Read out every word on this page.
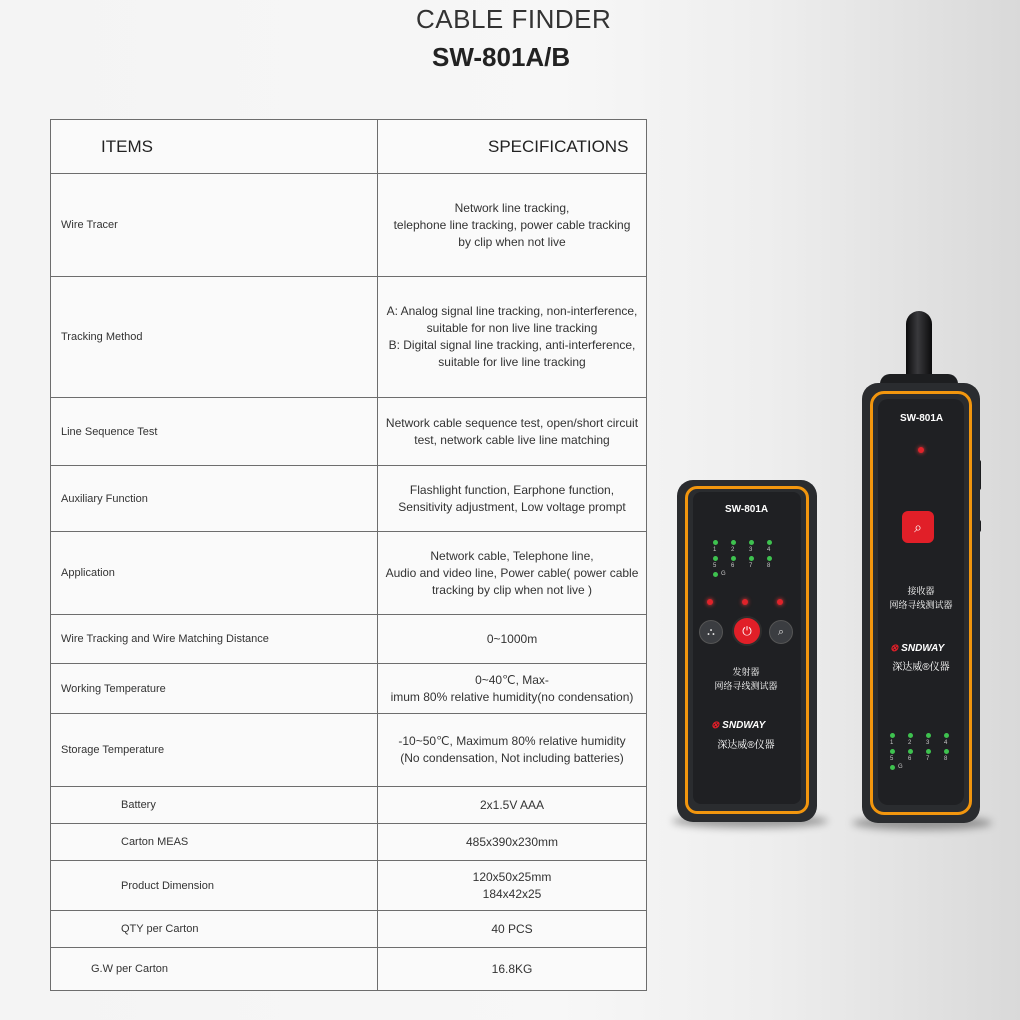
CABLE FINDER
SW-801A/B
ITEMS	SPECIFICATIONS
Wire Tracer	Network line tracking,
telephone line tracking, power cable tracking
by clip when not live
Tracking Method	A: Analog signal line tracking, non-interference,
suitable for non live line tracking
B: Digital signal line tracking, anti-interference,
suitable for live line tracking
Line Sequence Test	Network cable sequence test, open/short circuit
test, network cable live line matching
Auxiliary Function	Flashlight function, Earphone function,
Sensitivity adjustment, Low voltage prompt
Application	Network cable, Telephone line,
Audio and video line, Power cable( power cable
tracking by clip when not live )
Wire Tracking and Wire Matching Distance	0~1000m
Working Temperature	0~40℃, Max-
imum 80% relative humidity(no condensation)
Storage Temperature	-10~50℃, Maximum 80% relative humidity
(No condensation, Not including batteries)
Battery	2x1.5V AAA
Carton MEAS	485x390x230mm
Product Dimension	120x50x25mm
184x42x25
QTY per Carton	40 PCS
G.W per Carton	16.8KG
SW-801A
1 2 3 4
5 6 7 8
G
⛬ ⏻ ⌕
发射器
网络寻线测试器
⊗ SNDWAY
深达威®仪器
SW-801A
⌕
接收器
网络寻线测试器
⊗ SNDWAY
深达威®仪器
1 2 3 4
5 6 7 8
G
